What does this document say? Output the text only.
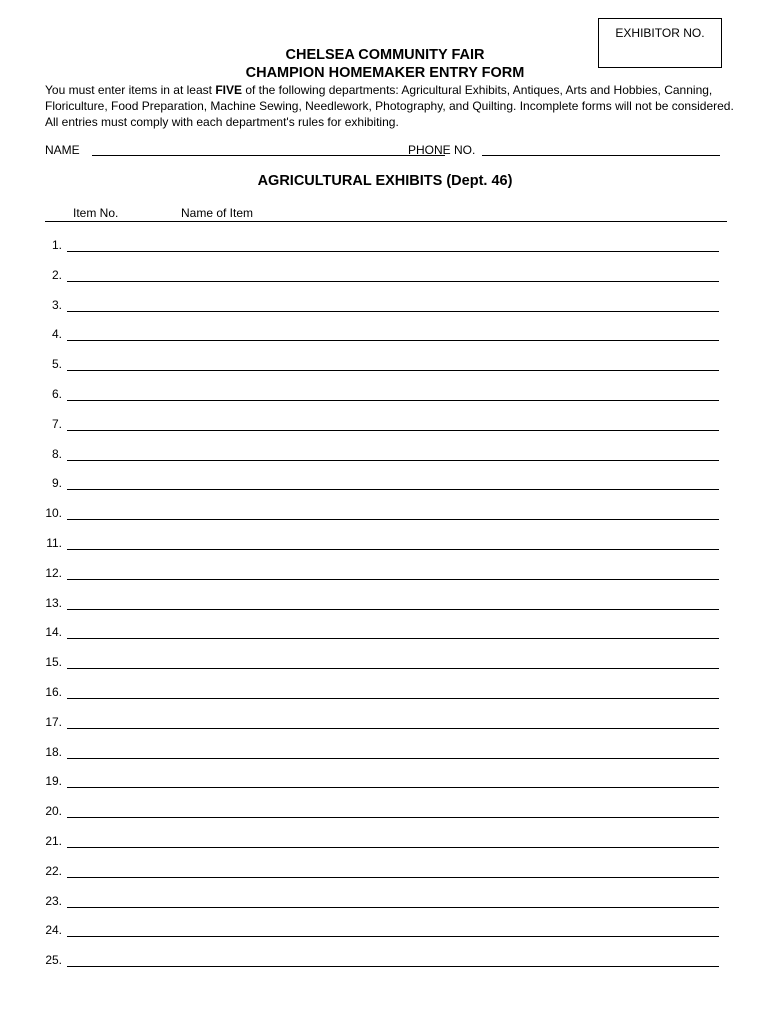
EXHIBITOR NO.
CHELSEA COMMUNITY FAIR
CHAMPION HOMEMAKER ENTRY FORM
You must enter items in at least FIVE of the following departments: Agricultural Exhibits, Antiques, Arts and Hobbies, Canning, Floriculture, Food Preparation, Machine Sewing, Needlework, Photography, and Quilting. Incomplete forms will not be considered. All entries must comply with each department's rules for exhibiting.
NAME	PHONE NO.
AGRICULTURAL EXHIBITS (Dept. 46)
Item No.	Name of Item
1.
2.
3.
4.
5.
6.
7.
8.
9.
10.
11.
12.
13.
14.
15.
16.
17.
18.
19.
20.
21.
22.
23.
24.
25.
